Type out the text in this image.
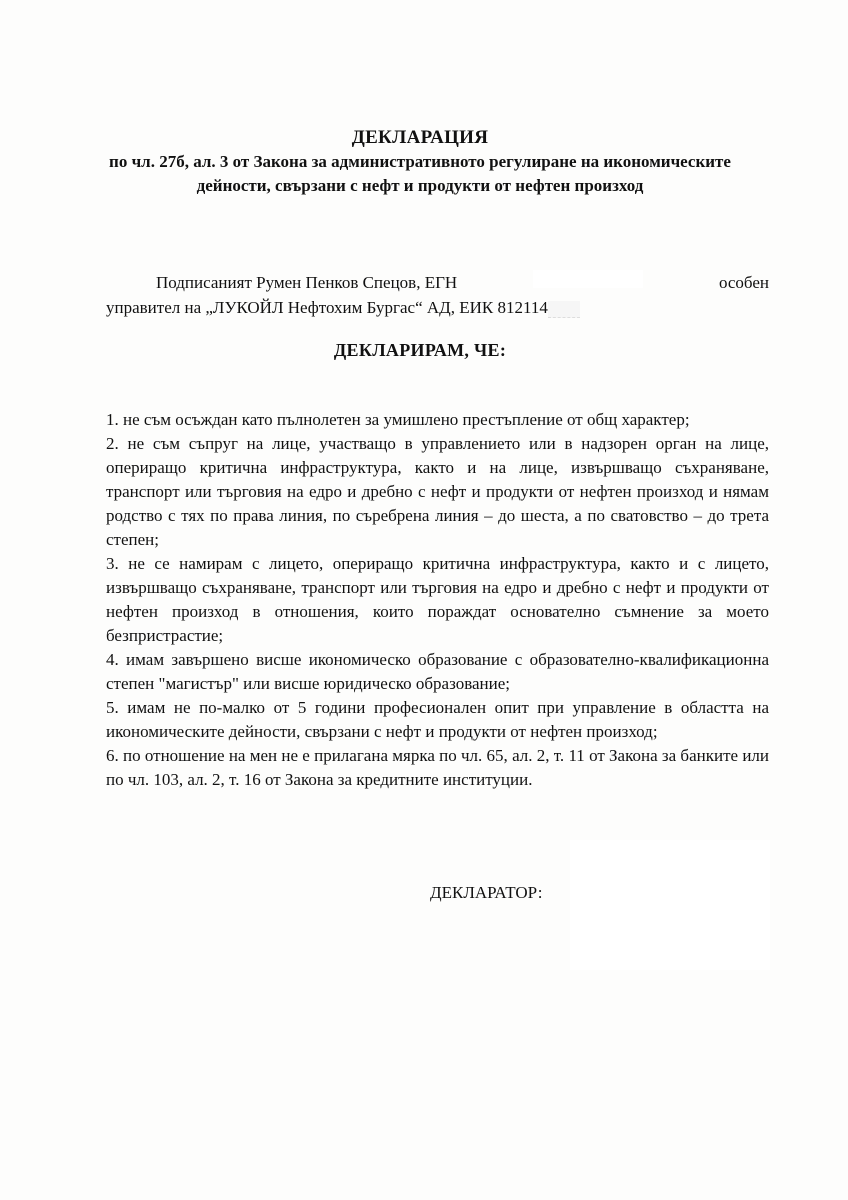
ДЕКЛАРАЦИЯ
по чл. 27б, ал. 3 от Закона за административното регулиране на икономическите дейности, свързани с нефт и продукти от нефтен произход
Подписаният Румен Пенков Спецов, ЕГН	особен
управител на „ЛУКОЙЛ Нефтохим Бургас“ АД, ЕИК 812114
ДЕКЛАРИРАМ, ЧЕ:

1. не съм осъждан като пълнолетен за умишлено престъпление от общ характер;

2. не съм съпруг на лице, участващо в управлението или в надзорен орган на лице, опериращо критична инфраструктура, както и на лице, извършващо съхраняване, транспорт или търговия на едро и дребно с нефт и продукти от нефтен произход и нямам родство с тях по права линия, по съребрена линия – до шеста, а по сватовство – до трета степен;

3. не се намирам с лицето, опериращо критична инфраструктура, както и с лицето, извършващо съхраняване, транспорт или търговия на едро и дребно с нефт и продукти от нефтен произход в отношения, които пораждат основателно съмнение за моето безпристрастие;

4. имам завършено висше икономическо образование с образователно-квалификационна степен "магистър" или висше юридическо образование;

5. имам не по-малко от 5 години професионален опит при управление в областта на икономическите дейности, свързани с нефт и продукти от нефтен произход;

6. по отношение на мен не е прилагана мярка по чл. 65, ал. 2, т. 11 от Закона за банките или по чл. 103, ал. 2, т. 16 от Закона за кредитните институции.

ДЕКЛАРАТОР:
